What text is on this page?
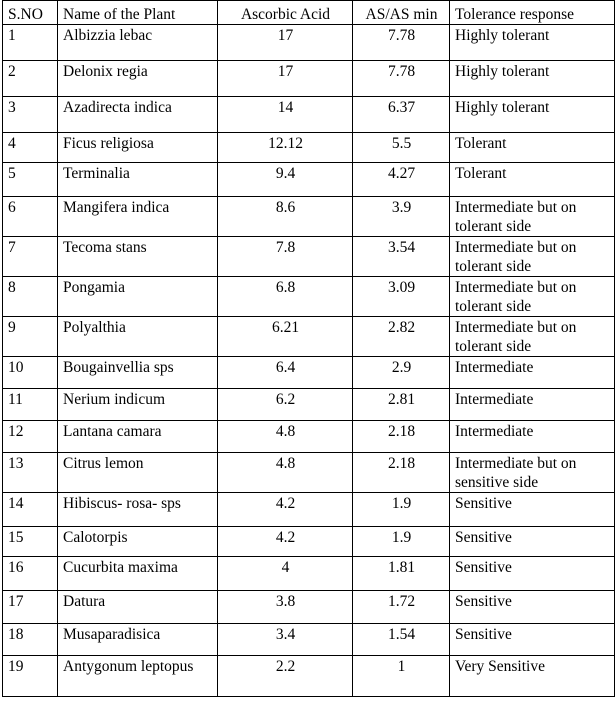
S.NO	Name of the Plant	Ascorbic Acid	AS/AS min	Tolerance response
1	Albizzia lebac	17	7.78	Highly tolerant
2	Delonix regia	17	7.78	Highly tolerant
3	Azadirecta indica	14	6.37	Highly tolerant
4	Ficus religiosa	12.12	5.5	Tolerant
5	Terminalia	9.4	4.27	Tolerant
6	Mangifera indica	8.6	3.9	Intermediate but on tolerant side
7	Tecoma stans	7.8	3.54	Intermediate but on tolerant side
8	Pongamia	6.8	3.09	Intermediate but on tolerant side
9	Polyalthia	6.21	2.82	Intermediate but on tolerant side
10	Bougainvellia sps	6.4	2.9	Intermediate
11	Nerium indicum	6.2	2.81	Intermediate
12	Lantana camara	4.8	2.18	Intermediate
13	Citrus lemon	4.8	2.18	Intermediate but on sensitive side
14	Hibiscus- rosa- sps	4.2	1.9	Sensitive
15	Calotorpis	4.2	1.9	Sensitive
16	Cucurbita maxima	4	1.81	Sensitive
17	Datura	3.8	1.72	Sensitive
18	Musaparadisica	3.4	1.54	Sensitive
19	Antygonum leptopus	2.2	1	Very Sensitive
